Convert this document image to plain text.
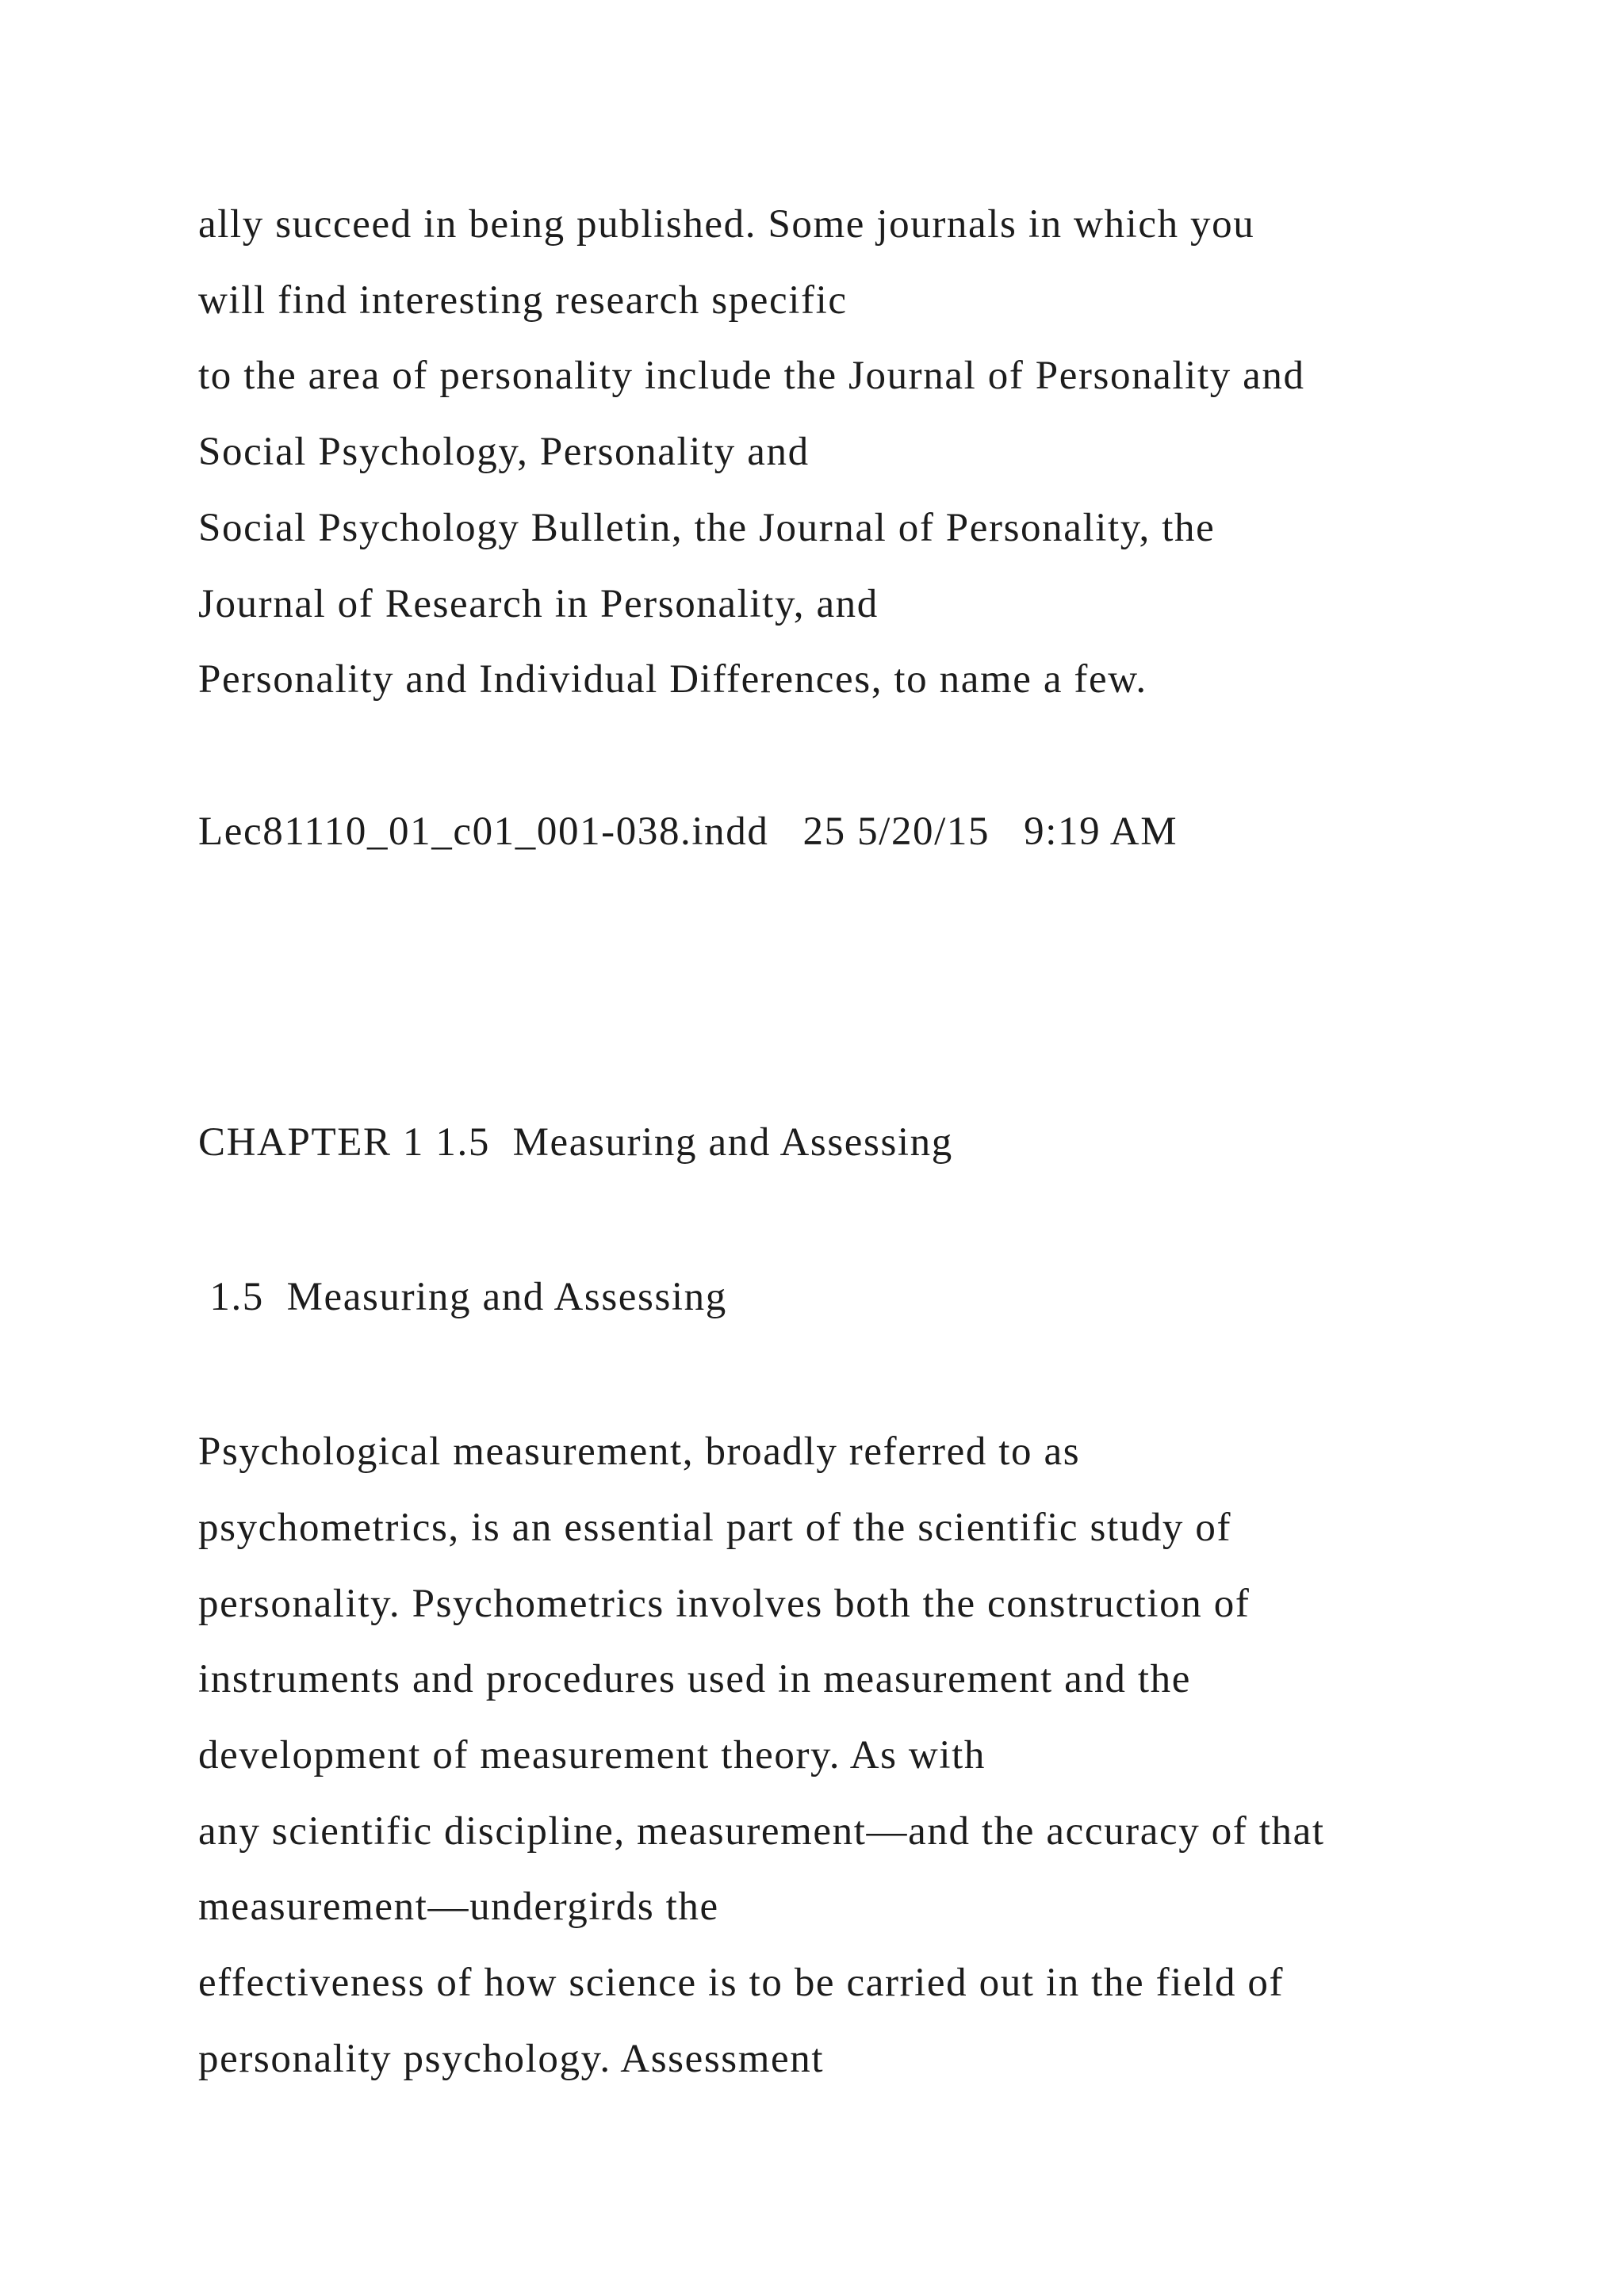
ally succeed in being published. Some journals in which you

will find interesting research specific

to the area of personality include the Journal of Personality and

Social Psychology, Personality and

Social Psychology Bulletin, the Journal of Personality, the

Journal of Research in Personality, and

Personality and Individual Differences, to name a few.

Lec81110_01_c01_001-038.indd   25 5/20/15   9:19 AM

CHAPTER 1 1.5  Measuring and Assessing

1.5  Measuring and Assessing

Psychological measurement, broadly referred to as

psychometrics, is an essential part of the scientific study of

personality. Psychometrics involves both the construction of

instruments and procedures used in measurement and the

development of measurement theory. As with

any scientific discipline, measurement—and the accuracy of that

measurement—undergirds the

effectiveness of how science is to be carried out in the field of

personality psychology. Assessment
